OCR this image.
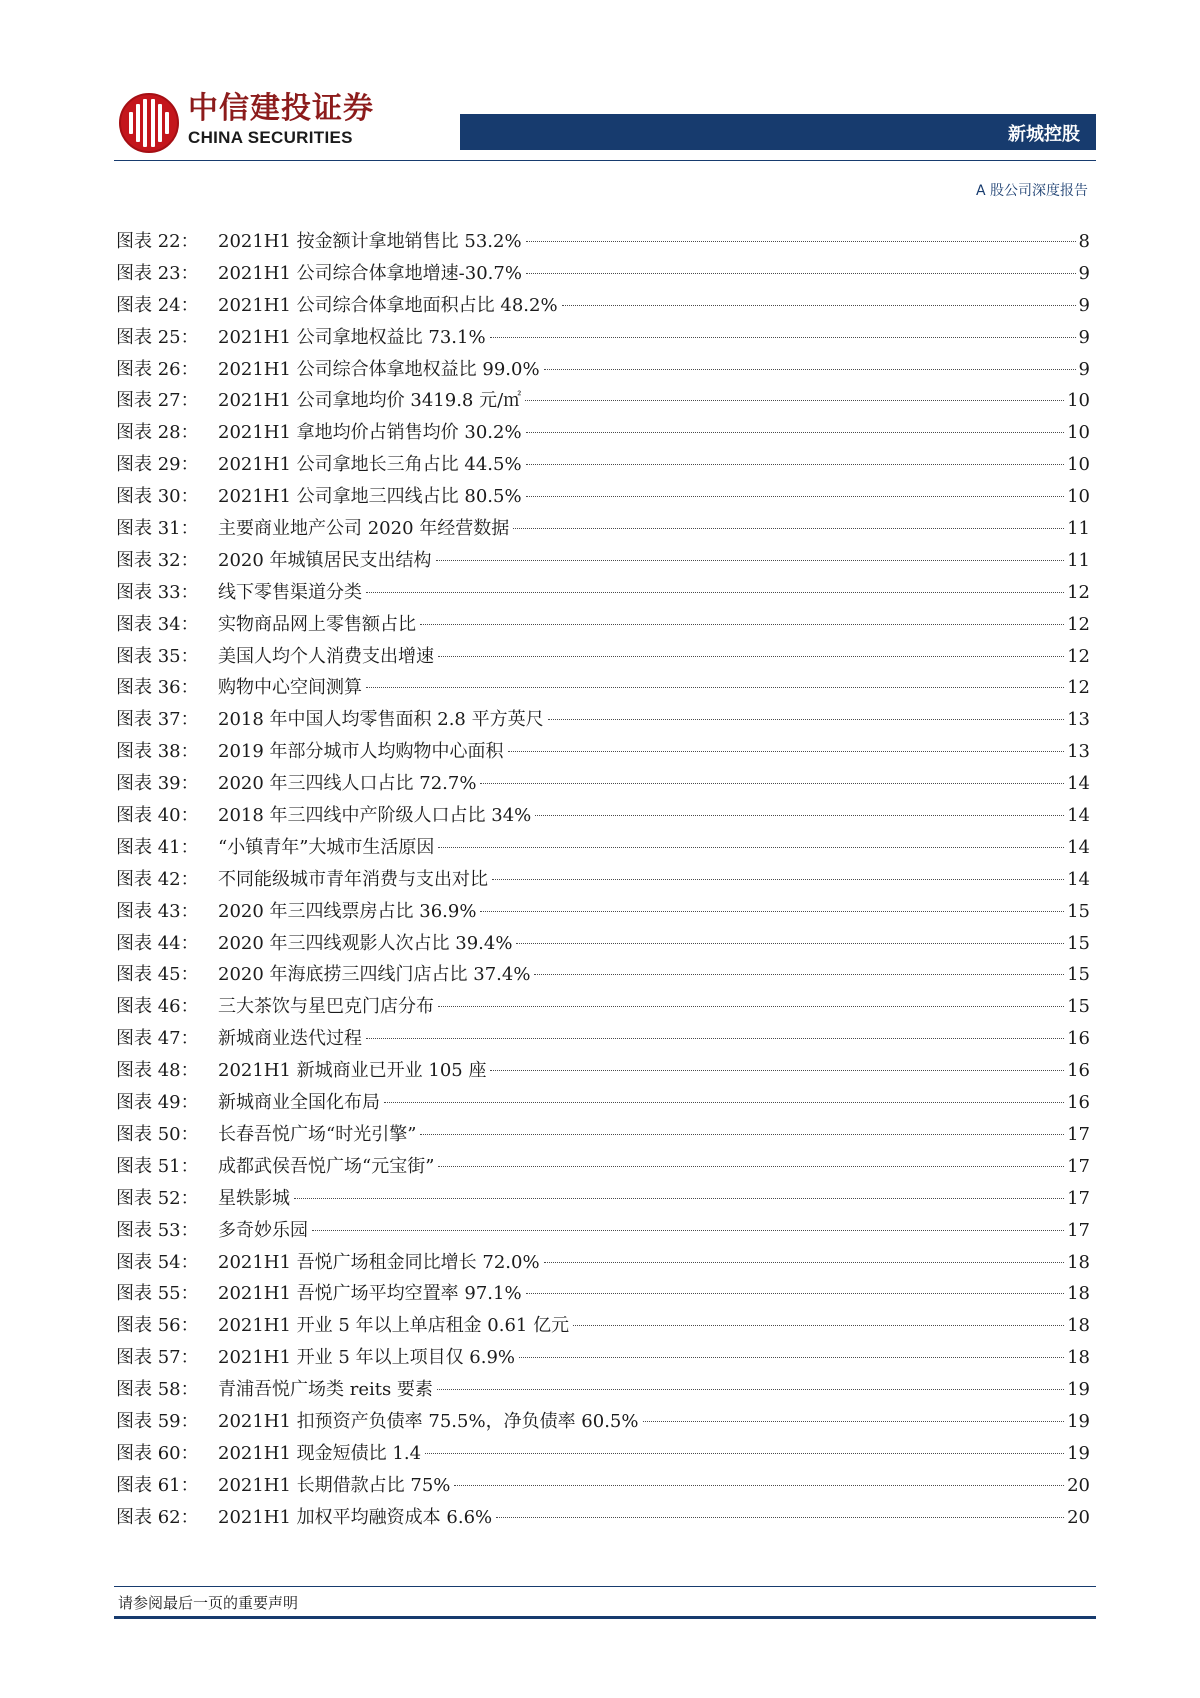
中信建投证券
CHINA SECURITIES	新城控股
A 股公司深度报告
图表 22：	2021H1 按金额计拿地销售比 53.2%	8
图表 23：	2021H1 公司综合体拿地增速-30.7%	9
图表 24：	2021H1 公司综合体拿地面积占比 48.2%	9
图表 25：	2021H1 公司拿地权益比 73.1%	9
图表 26：	2021H1 公司综合体拿地权益比 99.0%	9
图表 27：	2021H1 公司拿地均价 3419.8 元/㎡	10
图表 28：	2021H1 拿地均价占销售均价 30.2%	10
图表 29：	2021H1 公司拿地长三角占比 44.5%	10
图表 30：	2021H1 公司拿地三四线占比 80.5%	10
图表 31：	主要商业地产公司 2020 年经营数据	11
图表 32：	2020 年城镇居民支出结构	11
图表 33：	线下零售渠道分类	12
图表 34：	实物商品网上零售额占比	12
图表 35：	美国人均个人消费支出增速	12
图表 36：	购物中心空间测算	12
图表 37：	2018 年中国人均零售面积 2.8 平方英尺	13
图表 38：	2019 年部分城市人均购物中心面积	13
图表 39：	2020 年三四线人口占比 72.7%	14
图表 40：	2018 年三四线中产阶级人口占比 34%	14
图表 41：	“小镇青年”大城市生活原因	14
图表 42：	不同能级城市青年消费与支出对比	14
图表 43：	2020 年三四线票房占比 36.9%	15
图表 44：	2020 年三四线观影人次占比 39.4%	15
图表 45：	2020 年海底捞三四线门店占比 37.4%	15
图表 46：	三大茶饮与星巴克门店分布	15
图表 47：	新城商业迭代过程	16
图表 48：	2021H1 新城商业已开业 105 座	16
图表 49：	新城商业全国化布局	16
图表 50：	长春吾悦广场“时光引擎”	17
图表 51：	成都武侯吾悦广场“元宝街”	17
图表 52：	星轶影城	17
图表 53：	多奇妙乐园	17
图表 54：	2021H1 吾悦广场租金同比增长 72.0%	18
图表 55：	2021H1 吾悦广场平均空置率 97.1%	18
图表 56：	2021H1 开业 5 年以上单店租金 0.61 亿元	18
图表 57：	2021H1 开业 5 年以上项目仅 6.9%	18
图表 58：	青浦吾悦广场类 reits 要素	19
图表 59：	2021H1 扣预资产负债率 75.5%，净负债率 60.5%	19
图表 60：	2021H1 现金短债比 1.4	19
图表 61：	2021H1 长期借款占比 75%	20
图表 62：	2021H1 加权平均融资成本 6.6%	20
请参阅最后一页的重要声明
